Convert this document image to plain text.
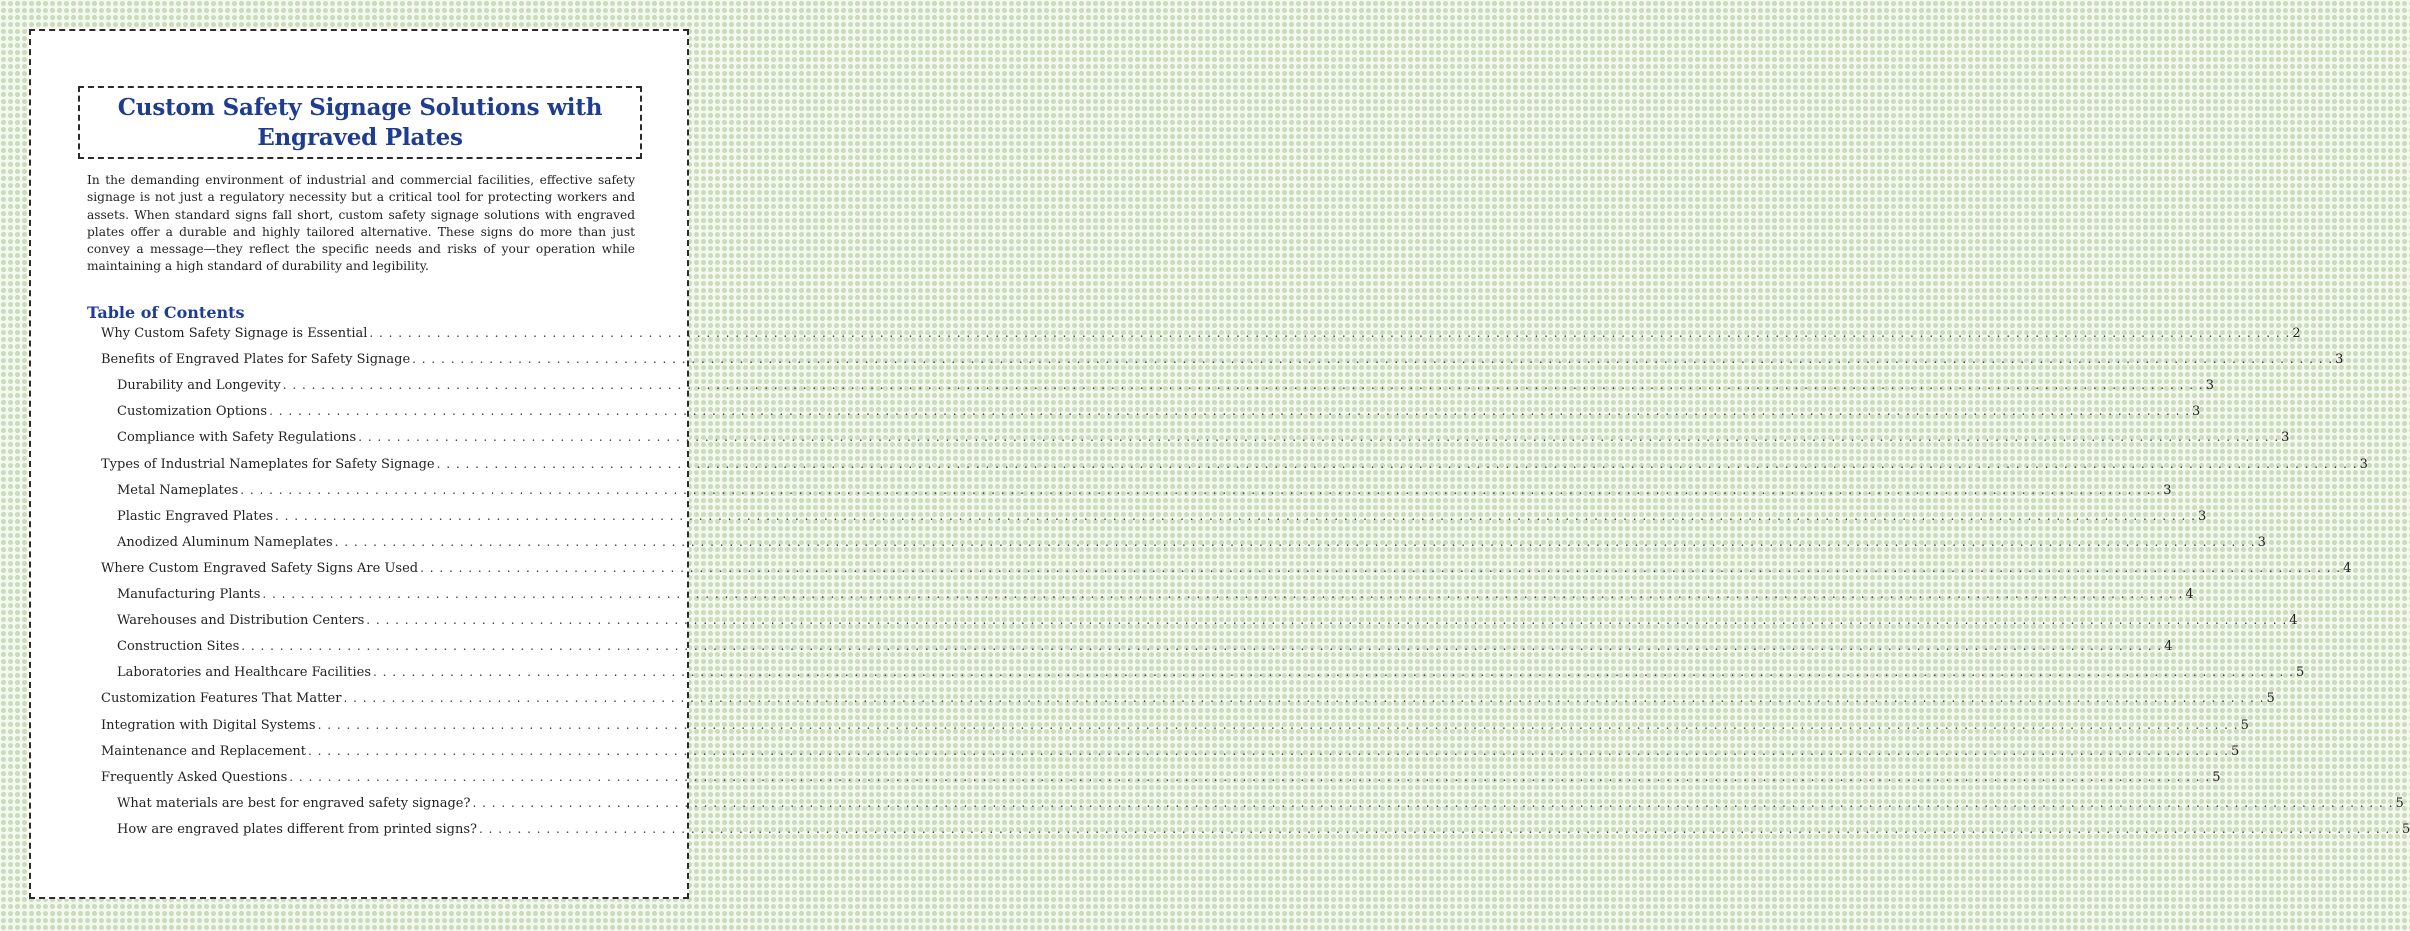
Custom Safety Signage Solutions with
Engraved Plates
In the demanding environment of industrial and commercial facilities, effective safety signage is not just a regulatory necessity but a critical tool for protecting workers and assets. When standard signs fall short, custom safety signage solutions with engraved plates offer a durable and highly tailored alternative. These signs do more than just convey a message—they reflect the specific needs and risks of your operation while maintaining a high standard of durability and legibility.
Table of Contents
Why Custom Safety Signage is Essential . . . . . . . . . . . . . . . . . . . . . . . . . . . . . . . . . . . . . . . . . . . . . . . . . . . . . . . . . . . . . . . . . . . . . . . . . . . . . . . . . . . . . . . . . . . . . . . . . . . . . . . . . . . . . . . . . . . . . . . . . . . . . . . . . . . . . . . . . . . . . . . . . . . . . . . . . . . . . . . . . . . . . . . . . . . . . . . . . . . . . . . . . . . . . . . . . . . . . . . . 2
Benefits of Engraved Plates for Safety Signage . . . . . . . . . . . . . . . . . . . . . . . . . . . . . . . . . . . . . . . . . . . . . . . . . . . . . . . . . . . . . . . . . . . . . . . . . . . . . . . . . . . . . . . . . . . . . . . . . . . . . . . . . . . . . . . . . . . . . . . . . . . . . . . . . . . . . . . . . . . . . . . . . . . . . . . . . . . . . . . . . . . . . . . . . . . . . . . . . . . . . . . . . . . . . . . . . . . . . . . . 3
Durability and Longevity . . . . . . . . . . . . . . . . . . . . . . . . . . . . . . . . . . . . . . . . . . . . . . . . . . . . . . . . . . . . . . . . . . . . . . . . . . . . . . . . . . . . . . . . . . . . . . . . . . . . . . . . . . . . . . . . . . . . . . . . . . . . . . . . . . . . . . . . . . . . . . . . . . . . . . . . . . . . . . . . . . . . . . . . . . . . . . . . . . . . . . . . . . . . . . . . . . . . . . . . 3
Customization Options . . . . . . . . . . . . . . . . . . . . . . . . . . . . . . . . . . . . . . . . . . . . . . . . . . . . . . . . . . . . . . . . . . . . . . . . . . . . . . . . . . . . . . . . . . . . . . . . . . . . . . . . . . . . . . . . . . . . . . . . . . . . . . . . . . . . . . . . . . . . . . . . . . . . . . . . . . . . . . . . . . . . . . . . . . . . . . . . . . . . . . . . . . . . . . . . . . . . . . . . 3
Compliance with Safety Regulations . . . . . . . . . . . . . . . . . . . . . . . . . . . . . . . . . . . . . . . . . . . . . . . . . . . . . . . . . . . . . . . . . . . . . . . . . . . . . . . . . . . . . . . . . . . . . . . . . . . . . . . . . . . . . . . . . . . . . . . . . . . . . . . . . . . . . . . . . . . . . . . . . . . . . . . . . . . . . . . . . . . . . . . . . . . . . . . . . . . . . . . . . . . . . . . . . . . . . . . . 3
Types of Industrial Nameplates for Safety Signage . . . . . . . . . . . . . . . . . . . . . . . . . . . . . . . . . . . . . . . . . . . . . . . . . . . . . . . . . . . . . . . . . . . . . . . . . . . . . . . . . . . . . . . . . . . . . . . . . . . . . . . . . . . . . . . . . . . . . . . . . . . . . . . . . . . . . . . . . . . . . . . . . . . . . . . . . . . . . . . . . . . . . . . . . . . . . . . . . . . . . . . . . . . . . . . . . . . . . . . . 3
Metal Nameplates . . . . . . . . . . . . . . . . . . . . . . . . . . . . . . . . . . . . . . . . . . . . . . . . . . . . . . . . . . . . . . . . . . . . . . . . . . . . . . . . . . . . . . . . . . . . . . . . . . . . . . . . . . . . . . . . . . . . . . . . . . . . . . . . . . . . . . . . . . . . . . . . . . . . . . . . . . . . . . . . . . . . . . . . . . . . . . . . . . . . . . . . . . . . . . . . . . . . . . . . 3
Plastic Engraved Plates . . . . . . . . . . . . . . . . . . . . . . . . . . . . . . . . . . . . . . . . . . . . . . . . . . . . . . . . . . . . . . . . . . . . . . . . . . . . . . . . . . . . . . . . . . . . . . . . . . . . . . . . . . . . . . . . . . . . . . . . . . . . . . . . . . . . . . . . . . . . . . . . . . . . . . . . . . . . . . . . . . . . . . . . . . . . . . . . . . . . . . . . . . . . . . . . . . . . . . . . 3
Anodized Aluminum Nameplates . . . . . . . . . . . . . . . . . . . . . . . . . . . . . . . . . . . . . . . . . . . . . . . . . . . . . . . . . . . . . . . . . . . . . . . . . . . . . . . . . . . . . . . . . . . . . . . . . . . . . . . . . . . . . . . . . . . . . . . . . . . . . . . . . . . . . . . . . . . . . . . . . . . . . . . . . . . . . . . . . . . . . . . . . . . . . . . . . . . . . . . . . . . . . . . . . . . . . . . . 3
Where Custom Engraved Safety Signs Are Used . . . . . . . . . . . . . . . . . . . . . . . . . . . . . . . . . . . . . . . . . . . . . . . . . . . . . . . . . . . . . . . . . . . . . . . . . . . . . . . . . . . . . . . . . . . . . . . . . . . . . . . . . . . . . . . . . . . . . . . . . . . . . . . . . . . . . . . . . . . . . . . . . . . . . . . . . . . . . . . . . . . . . . . . . . . . . . . . . . . . . . . . . . . . . . . . . . . . . . . . 4
Manufacturing Plants . . . . . . . . . . . . . . . . . . . . . . . . . . . . . . . . . . . . . . . . . . . . . . . . . . . . . . . . . . . . . . . . . . . . . . . . . . . . . . . . . . . . . . . . . . . . . . . . . . . . . . . . . . . . . . . . . . . . . . . . . . . . . . . . . . . . . . . . . . . . . . . . . . . . . . . . . . . . . . . . . . . . . . . . . . . . . . . . . . . . . . . . . . . . . . . . . . . . . . . . 4
Warehouses and Distribution Centers . . . . . . . . . . . . . . . . . . . . . . . . . . . . . . . . . . . . . . . . . . . . . . . . . . . . . . . . . . . . . . . . . . . . . . . . . . . . . . . . . . . . . . . . . . . . . . . . . . . . . . . . . . . . . . . . . . . . . . . . . . . . . . . . . . . . . . . . . . . . . . . . . . . . . . . . . . . . . . . . . . . . . . . . . . . . . . . . . . . . . . . . . . . . . . . . . . . . . . . . 4
Construction Sites . . . . . . . . . . . . . . . . . . . . . . . . . . . . . . . . . . . . . . . . . . . . . . . . . . . . . . . . . . . . . . . . . . . . . . . . . . . . . . . . . . . . . . . . . . . . . . . . . . . . . . . . . . . . . . . . . . . . . . . . . . . . . . . . . . . . . . . . . . . . . . . . . . . . . . . . . . . . . . . . . . . . . . . . . . . . . . . . . . . . . . . . . . . . . . . . . . . . . . . . 4
Laboratories and Healthcare Facilities . . . . . . . . . . . . . . . . . . . . . . . . . . . . . . . . . . . . . . . . . . . . . . . . . . . . . . . . . . . . . . . . . . . . . . . . . . . . . . . . . . . . . . . . . . . . . . . . . . . . . . . . . . . . . . . . . . . . . . . . . . . . . . . . . . . . . . . . . . . . . . . . . . . . . . . . . . . . . . . . . . . . . . . . . . . . . . . . . . . . . . . . . . . . . . . . . . . . . . . . 5
Customization Features That Matter . . . . . . . . . . . . . . . . . . . . . . . . . . . . . . . . . . . . . . . . . . . . . . . . . . . . . . . . . . . . . . . . . . . . . . . . . . . . . . . . . . . . . . . . . . . . . . . . . . . . . . . . . . . . . . . . . . . . . . . . . . . . . . . . . . . . . . . . . . . . . . . . . . . . . . . . . . . . . . . . . . . . . . . . . . . . . . . . . . . . . . . . . . . . . . . . . . . . . . . . 5
Integration with Digital Systems . . . . . . . . . . . . . . . . . . . . . . . . . . . . . . . . . . . . . . . . . . . . . . . . . . . . . . . . . . . . . . . . . . . . . . . . . . . . . . . . . . . . . . . . . . . . . . . . . . . . . . . . . . . . . . . . . . . . . . . . . . . . . . . . . . . . . . . . . . . . . . . . . . . . . . . . . . . . . . . . . . . . . . . . . . . . . . . . . . . . . . . . . . . . . . . . . . . . . . . . 5
Maintenance and Replacement . . . . . . . . . . . . . . . . . . . . . . . . . . . . . . . . . . . . . . . . . . . . . . . . . . . . . . . . . . . . . . . . . . . . . . . . . . . . . . . . . . . . . . . . . . . . . . . . . . . . . . . . . . . . . . . . . . . . . . . . . . . . . . . . . . . . . . . . . . . . . . . . . . . . . . . . . . . . . . . . . . . . . . . . . . . . . . . . . . . . . . . . . . . . . . . . . . . . . . . . 5
Frequently Asked Questions . . . . . . . . . . . . . . . . . . . . . . . . . . . . . . . . . . . . . . . . . . . . . . . . . . . . . . . . . . . . . . . . . . . . . . . . . . . . . . . . . . . . . . . . . . . . . . . . . . . . . . . . . . . . . . . . . . . . . . . . . . . . . . . . . . . . . . . . . . . . . . . . . . . . . . . . . . . . . . . . . . . . . . . . . . . . . . . . . . . . . . . . . . . . . . . . . . . . . . . . 5
What materials are best for engraved safety signage? . . . . . . . . . . . . . . . . . . . . . . . . . . . . . . . . . . . . . . . . . . . . . . . . . . . . . . . . . . . . . . . . . . . . . . . . . . . . . . . . . . . . . . . . . . . . . . . . . . . . . . . . . . . . . . . . . . . . . . . . . . . . . . . . . . . . . . . . . . . . . . . . . . . . . . . . . . . . . . . . . . . . . . . . . . . . . . . . . . . . . . . . . . . . . . . . . . . . . . . . 5
How are engraved plates different from printed signs? . . . . . . . . . . . . . . . . . . . . . . . . . . . . . . . . . . . . . . . . . . . . . . . . . . . . . . . . . . . . . . . . . . . . . . . . . . . . . . . . . . . . . . . . . . . . . . . . . . . . . . . . . . . . . . . . . . . . . . . . . . . . . . . . . . . . . . . . . . . . . . . . . . . . . . . . . . . . . . . . . . . . . . . . . . . . . . . . . . . . . . . . . . . . . . . . . . . . . . . . 5
